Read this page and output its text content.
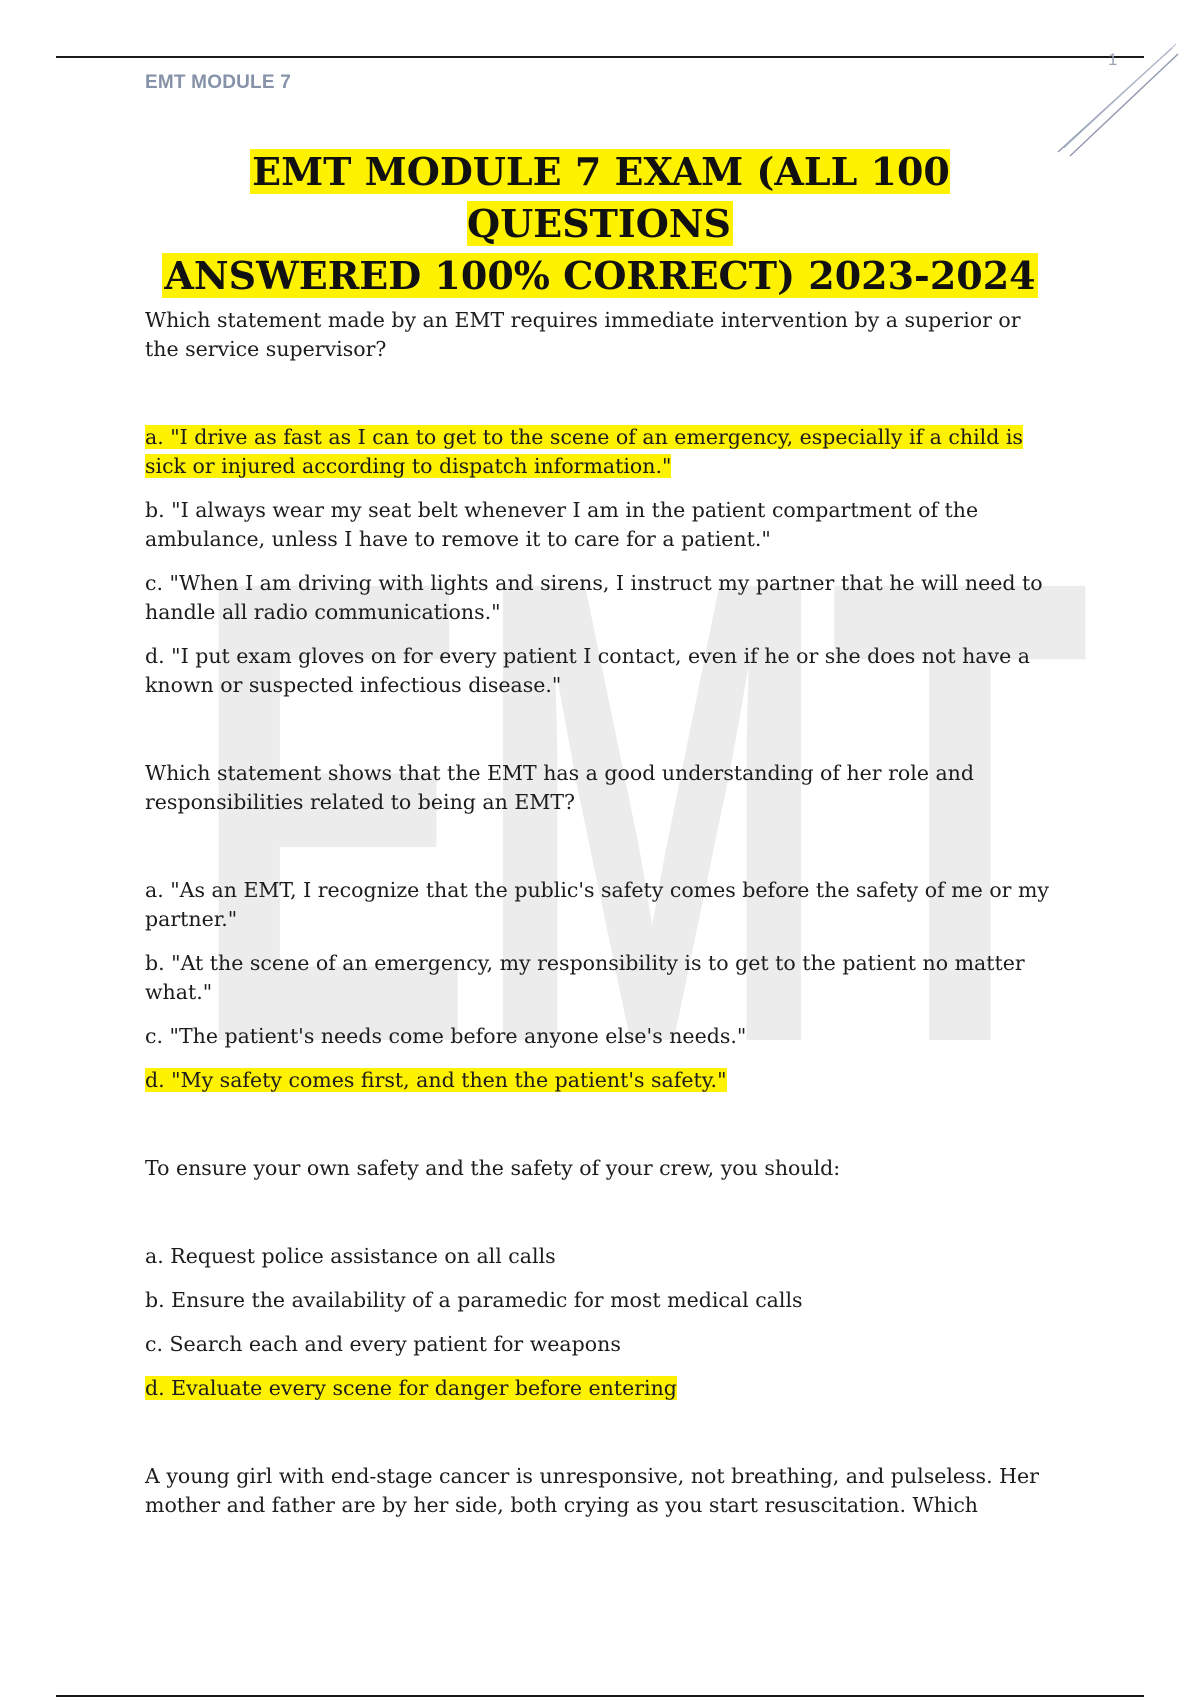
1
EMT MODULE 7
EMT
EMT MODULE 7 EXAM (ALL 100 QUESTIONS
ANSWERED 100% CORRECT) 2023-2024

Which statement made by an EMT requires immediate intervention by a superior or the service supervisor?

a. "I drive as fast as I can to get to the scene of an emergency, especially if a child is sick or injured according to dispatch information."
b. "I always wear my seat belt whenever I am in the patient compartment of the ambulance, unless I have to remove it to care for a patient."
c. "When I am driving with lights and sirens, I instruct my partner that he will need to handle all radio communications."
d. "I put exam gloves on for every patient I contact, even if he or she does not have a known or suspected infectious disease."

Which statement shows that the EMT has a good understanding of her role and responsibilities related to being an EMT?

a. "As an EMT, I recognize that the public's safety comes before the safety of me or my partner."
b. "At the scene of an emergency, my responsibility is to get to the patient no matter what."
c. "The patient's needs come before anyone else's needs."
d. "My safety comes first, and then the patient's safety."

To ensure your own safety and the safety of your crew, you should:

a. Request police assistance on all calls
b. Ensure the availability of a paramedic for most medical calls
c. Search each and every patient for weapons
d. Evaluate every scene for danger before entering

A young girl with end-stage cancer is unresponsive, not breathing, and pulseless. Her mother and father are by her side, both crying as you start resuscitation. Which
